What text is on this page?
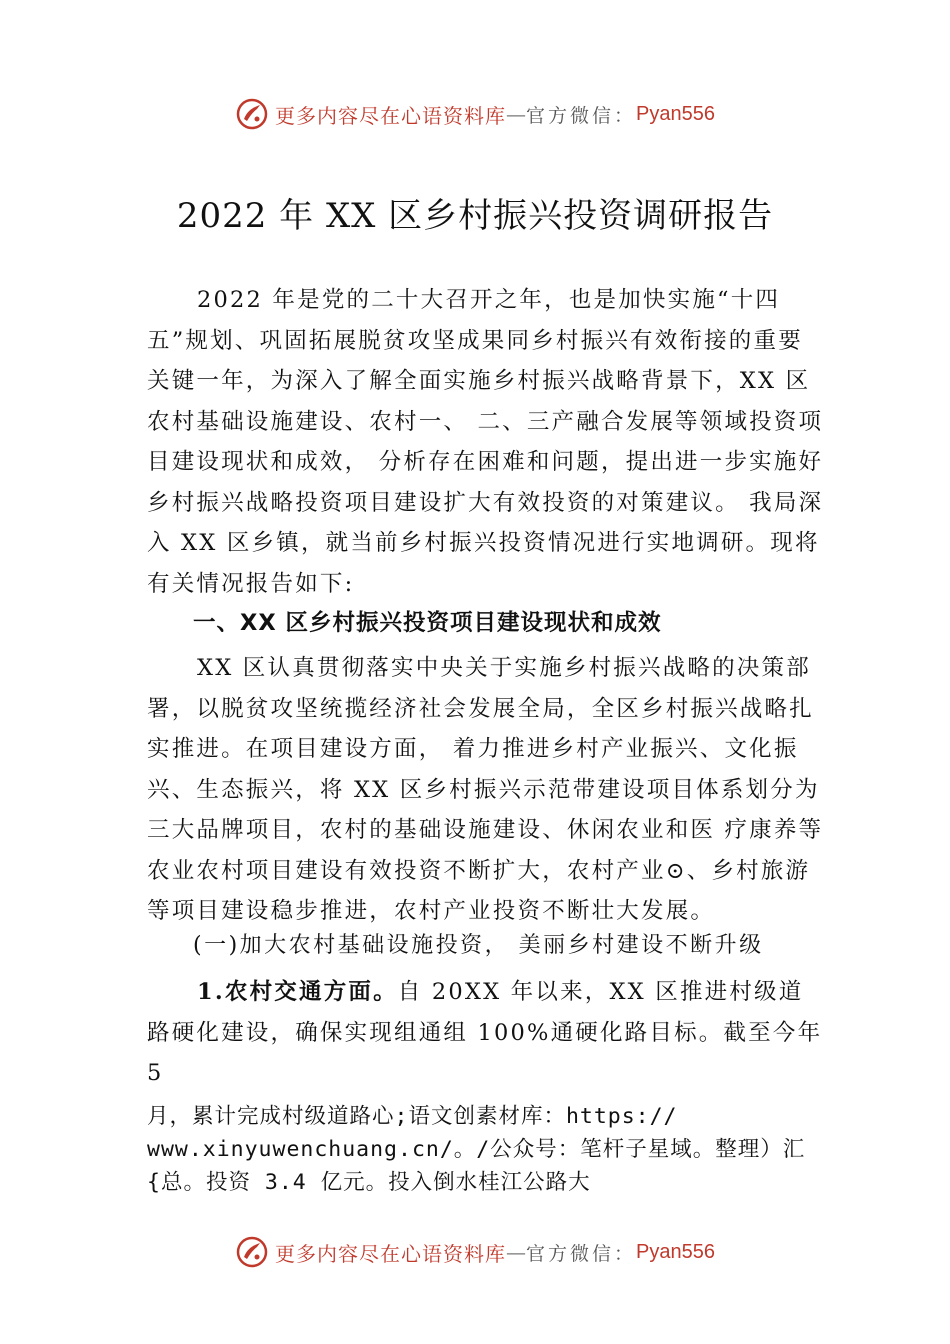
更多内容尽在心语资料库 — 官方微信： Pyan556
2022 年 XX 区乡村振兴投资调研报告

2022 年是党的二十大召开之年，也是加快实施“十四五”规划、巩固拓展脱贫攻坚成果同乡村振兴有效衔接的重要关键一年，为深入了解全面实施乡村振兴战略背景下，XX 区农村基础设施建设、农村一、 二、三产融合发展等领域投资项目建设现状和成效， 分析存在困难和问题，提出进一步实施好乡村振兴战略投资项目建设扩大有效投资的对策建议。 我局深入 XX 区乡镇，就当前乡村振兴投资情况进行实地调研。现将有关情况报告如下:

一、XX 区乡村振兴投资项目建设现状和成效

XX 区认真贯彻落实中央关于实施乡村振兴战略的决策部署，以脱贫攻坚统揽经济社会发展全局，全区乡村振兴战略扎实推进。在项目建设方面， 着力推进乡村产业振兴、文化振兴、生态振兴，将 XX 区乡村振兴示范带建设项目体系划分为三大品牌项目，农村的基础设施建设、休闲农业和医 疗康养等农业农村项目建设有效投资不断扩大，农村产业⊙、乡村旅游等项目建设稳步推进，农村产业投资不断壮大发展。

(一)加大农村基础设施投资， 美丽乡村建设不断升级

1.农村交通方面。自 20XX 年以来，XX 区推进村级道路硬化建设，确保实现组通组 100%通硬化路目标。截至今年 5

月，累计完成村级道路心;语文创素材库：https://
www.xinyuwenchuang.cn/。/公众号：笔杆子星域。整理）汇
{总。投资 3.4 亿元。投入倒水桂江公路大
更多内容尽在心语资料库 — 官方微信： Pyan556
